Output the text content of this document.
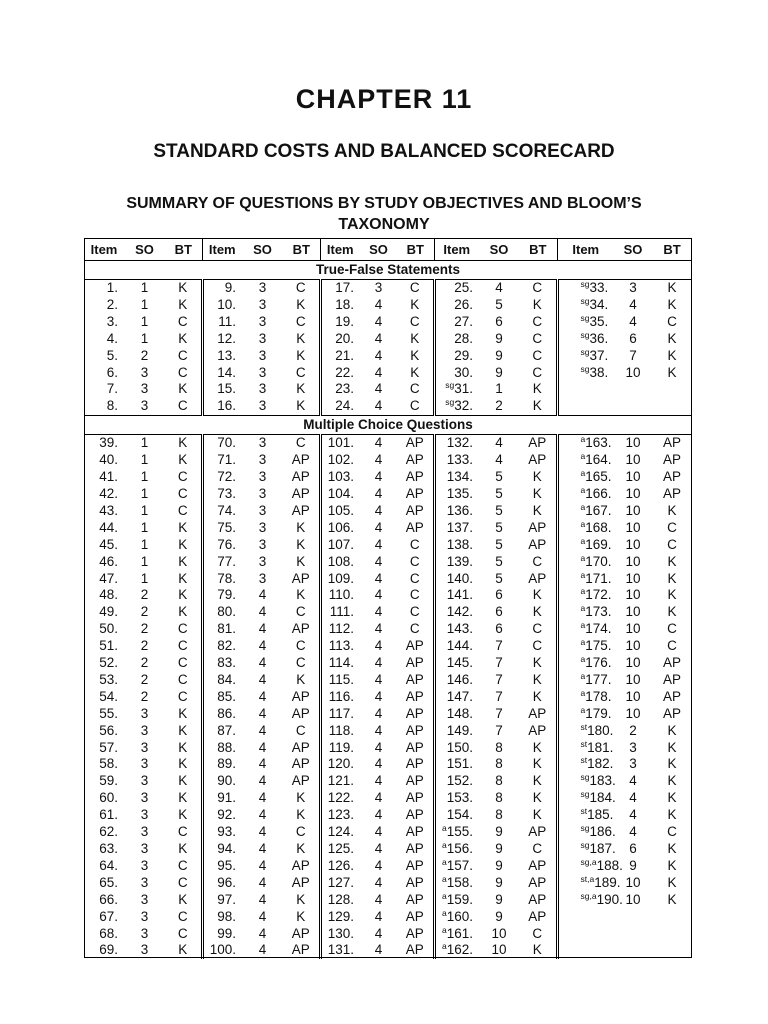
CHAPTER 11
STANDARD COSTS AND BALANCED SCORECARD
SUMMARY OF QUESTIONS BY STUDY OBJECTIVES AND BLOOM’S TAXONOMY
Item	SO	BT	Item	SO	BT	Item	SO	BT	Item	SO	BT	Item	SO	BT
True-False Statements														
1.	1	K	9.	3	C	17.	3	C	25.	4	C	$^{sg}$33.	3	K
2.	1	K	10.	3	K	18.	4	K	26.	5	K	$^{sg}$34.	4	K
3.	1	C	11.	3	C	19.	4	C	27.	6	C	$^{sg}$35.	4	C
4.	1	K	12.	3	K	20.	4	K	28.	9	C	$^{sg}$36.	6	K
5.	2	C	13.	3	K	21.	4	K	29.	9	C	$^{sg}$37.	7	K
6.	3	C	14.	3	C	22.	4	K	30.	9	C	$^{sg}$38.	10	K
7.	3	K	15.	3	K	23.	4	C	$^{sg}$31.	1	K			
8.	3	C	16.	3	K	24.	4	C	$^{sg}$32.	2	K			
Multiple Choice Questions														
39.	1	K	70.	3	C	101.	4	AP	132.	4	AP	$^a$163.	10	AP
40.	1	K	71.	3	AP	102.	4	AP	133.	4	AP	$^a$164.	10	AP
41.	1	C	72.	3	AP	103.	4	AP	134.	5	K	$^a$165.	10	AP
42.	1	C	73.	3	AP	104.	4	AP	135.	5	K	$^a$166.	10	AP
43.	1	C	74.	3	AP	105.	4	AP	136.	5	K	$^a$167.	10	K
44.	1	K	75.	3	K	106.	4	AP	137.	5	AP	$^a$168.	10	C
45.	1	K	76.	3	K	107.	4	C	138.	5	AP	$^a$169.	10	C
46.	1	K	77.	3	K	108.	4	C	139.	5	C	$^a$170.	10	K
47.	1	K	78.	3	AP	109.	4	C	140.	5	AP	$^a$171.	10	K
48.	2	K	79.	4	K	110.	4	C	141.	6	K	$^a$172.	10	K
49.	2	K	80.	4	C	111.	4	C	142.	6	K	$^a$173.	10	K
50.	2	C	81.	4	AP	112.	4	C	143.	6	C	$^a$174.	10	C
51.	2	C	82.	4	C	113.	4	AP	144.	7	C	$^a$175.	10	C
52.	2	C	83.	4	C	114.	4	AP	145.	7	K	$^a$176.	10	AP
53.	2	C	84.	4	K	115.	4	AP	146.	7	K	$^a$177.	10	AP
54.	2	C	85.	4	AP	116.	4	AP	147.	7	K	$^a$178.	10	AP
55.	3	K	86.	4	AP	117.	4	AP	148.	7	AP	$^a$179.	10	AP
56.	3	K	87.	4	C	118.	4	AP	149.	7	AP	$^{st}$180.	2	K
57.	3	K	88.	4	AP	119.	4	AP	150.	8	K	$^{st}$181.	3	K
58.	3	K	89.	4	AP	120.	4	AP	151.	8	K	$^{st}$182.	3	K
59.	3	K	90.	4	AP	121.	4	AP	152.	8	K	$^{sg}$183.	4	K
60.	3	K	91.	4	K	122.	4	AP	153.	8	K	$^{sg}$184.	4	K
61.	3	K	92.	4	K	123.	4	AP	154.	8	K	$^{st}$185.	4	K
62.	3	C	93.	4	C	124.	4	AP	$^a$155.	9	AP	$^{sg}$186.	4	C
63.	3	K	94.	4	K	125.	4	AP	$^a$156.	9	C	$^{sg}$187.	6	K
64.	3	C	95.	4	AP	126.	4	AP	$^a$157.	9	AP	$^{sg,a}$188.	9	K
65.	3	C	96.	4	AP	127.	4	AP	$^a$158.	9	AP	$^{st,a}$189.	10	K
66.	3	K	97.	4	K	128.	4	AP	$^a$159.	9	AP	$^{sg,a}$190.	10	K
67.	3	C	98.	4	K	129.	4	AP	$^a$160.	9	AP			
68.	3	C	99.	4	AP	130.	4	AP	$^a$161.	10	C			
69.	3	K	100.	4	AP	131.	4	AP	$^a$162.	10	K			
